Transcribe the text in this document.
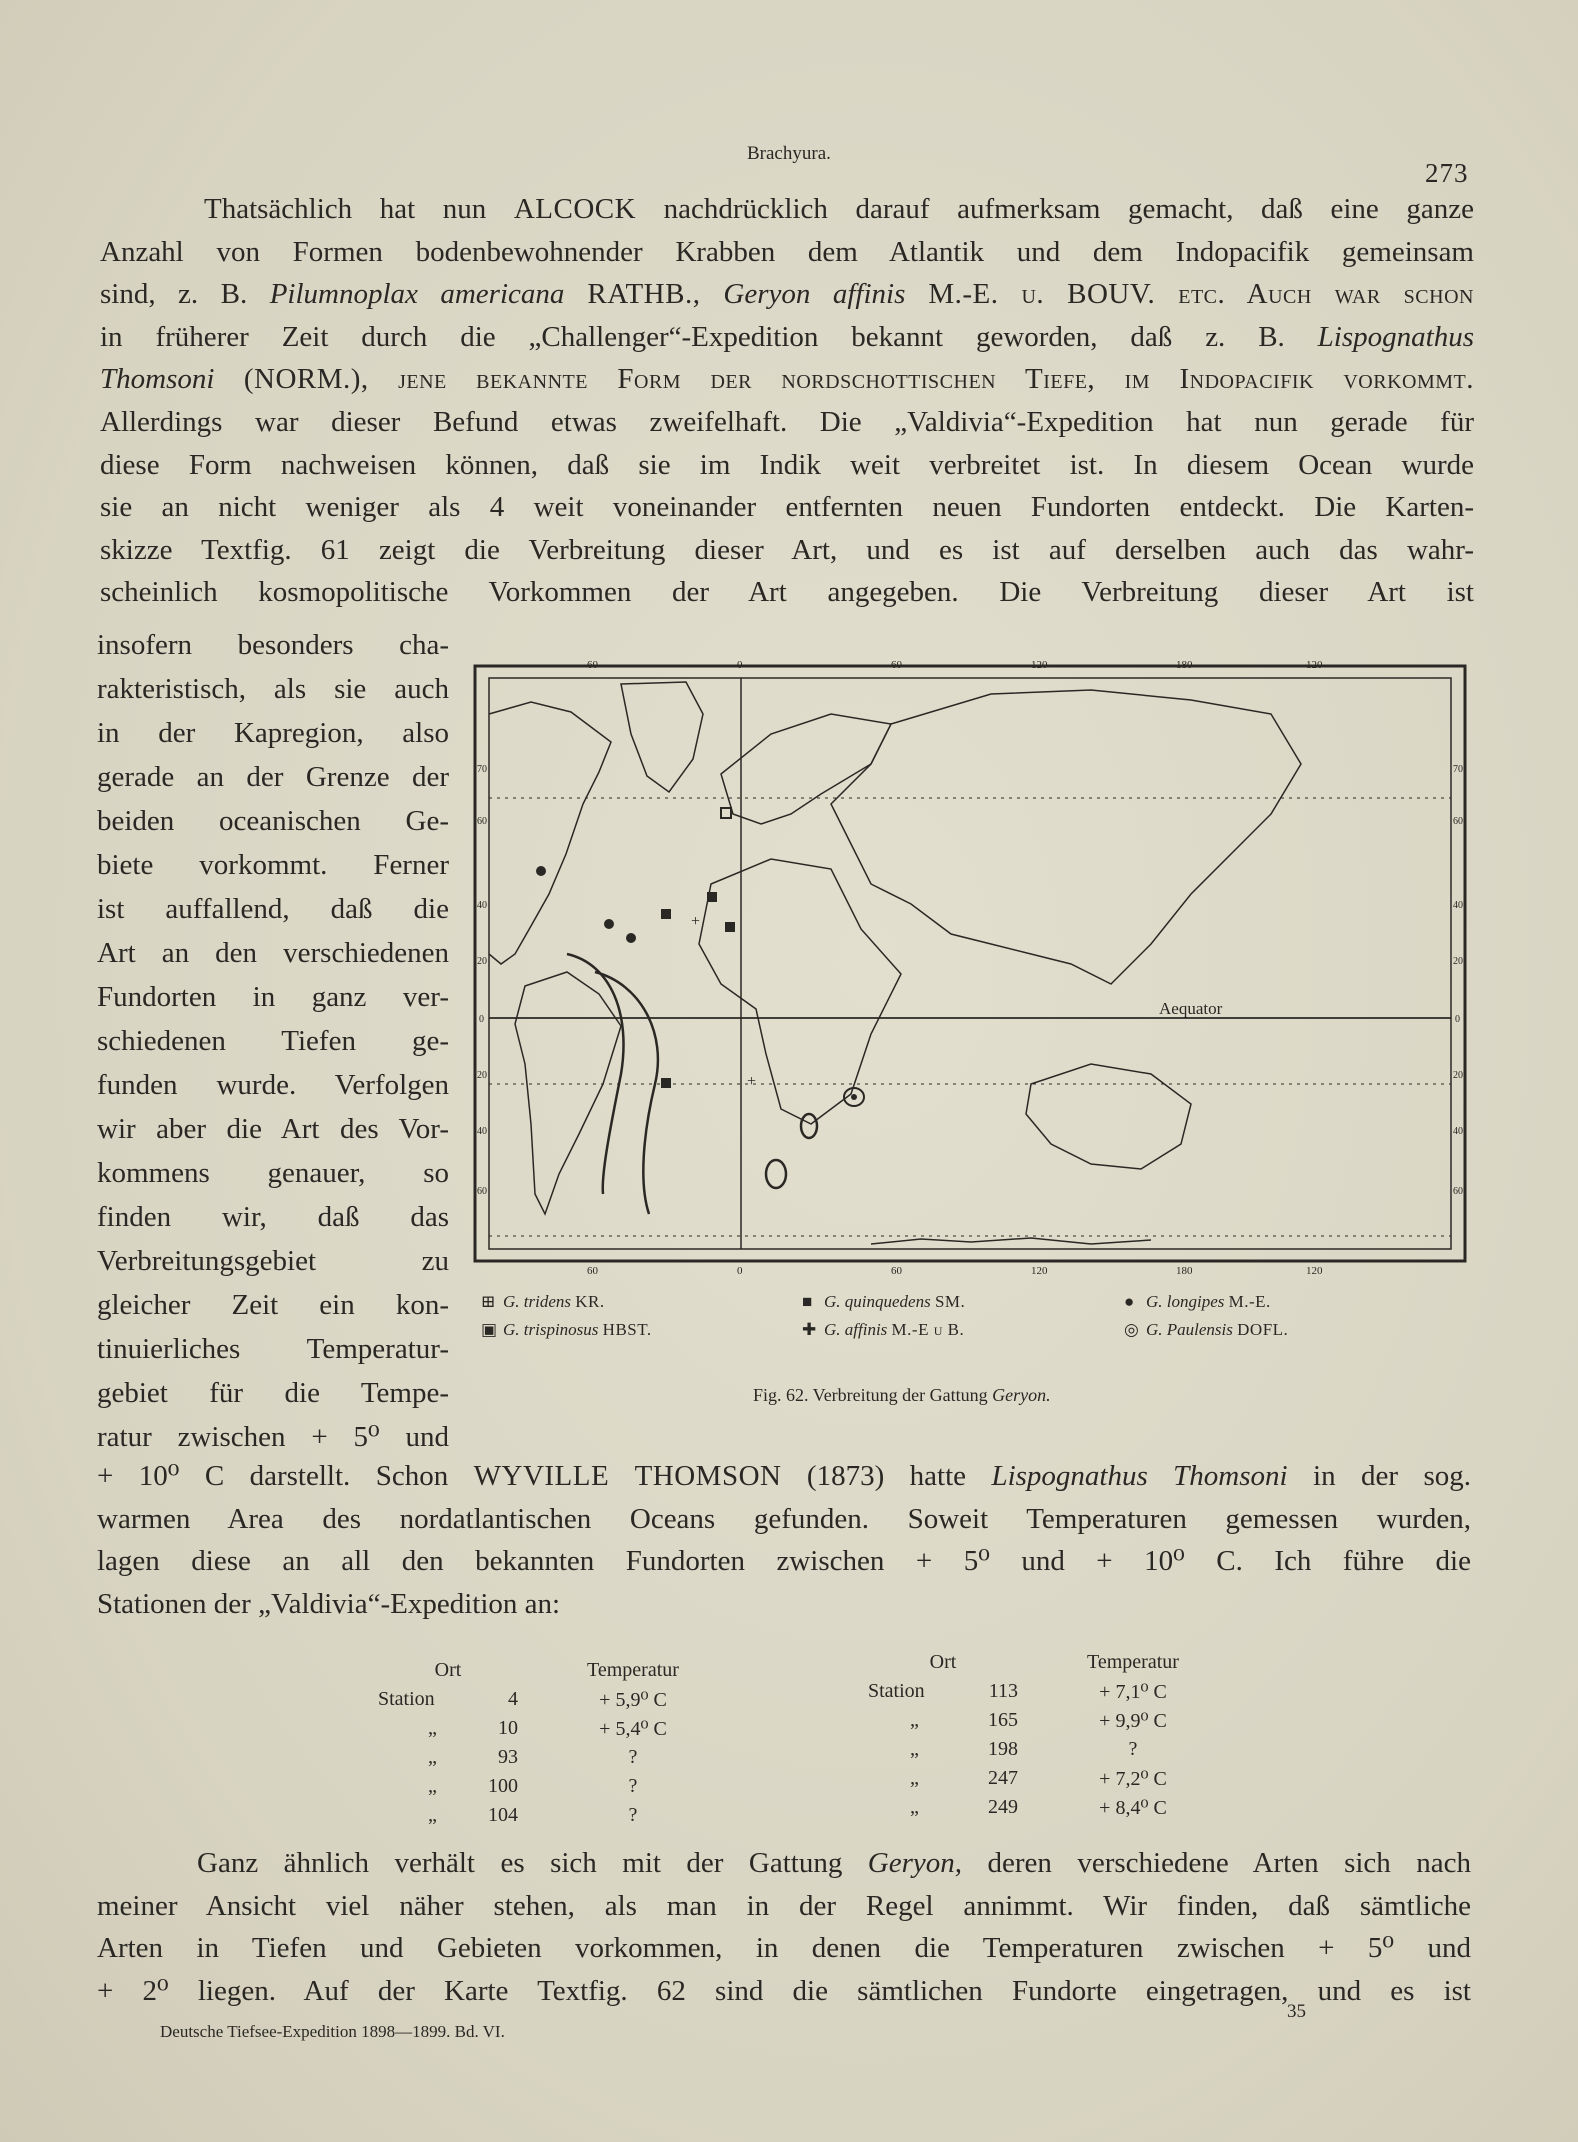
Brachyura.
273
Thatsächlich hat nun ALCOCK nachdrücklich darauf aufmerksam gemacht, daß eine ganze
Anzahl von Formen bodenbewohnender Krabben dem Atlantik und dem Indopacifik gemeinsam
sind, z. B. Pilumnoplax americana RATHB., Geryon affinis M.-E. u. BOUV. etc. Auch war schon
in früherer Zeit durch die „Challenger“-Expedition bekannt geworden, daß z. B. Lispognathus
Thomsoni (NORM.), jene bekannte Form der nordschottischen Tiefe, im Indopacifik vorkommt.
Allerdings war dieser Befund etwas zweifelhaft. Die „Valdivia“-Expedition hat nun gerade für
diese Form nachweisen können, daß sie im Indik weit verbreitet ist. In diesem Ocean wurde
sie an nicht weniger als 4 weit voneinander entfernten neuen Fundorten entdeckt. Die Karten-
skizze Textfig. 61 zeigt die Verbreitung dieser Art, und es ist auf derselben auch das wahr-
scheinlich kosmopolitische Vorkommen der Art angegeben. Die Verbreitung dieser Art ist
insofern besonders cha-
rakteristisch, als sie auch
in der Kapregion, also
gerade an der Grenze der
beiden oceanischen Ge-
biete vorkommt. Ferner
ist auffallend, daß die
Art an den verschiedenen
Fundorten in ganz ver-
schiedenen Tiefen ge-
funden wurde. Verfolgen
wir aber die Art des Vor-
kommens genauer, so
finden wir, daß das
Verbreitungsgebiet zu
gleicher Zeit ein kon-
tinuierliches Temperatur-
gebiet für die Tempe-
ratur zwischen + 5⁰ und
+
+
Aequator
60	0	60	120	180	120
60	0	60	120	180	120
70
60
40
20
0
20
40
60
70
60
40
20
0
20
40
60
⊞ G. tridens KR.
▣ G. trispinosus HBST.
■ G. quinquedens SM.
✚ G. affinis M.-E u B.
● G. longipes M.-E.
◎ G. Paulensis DOFL.
Fig. 62. Verbreitung der Gattung Geryon.
+ 10⁰ C darstellt. Schon WYVILLE THOMSON (1873) hatte Lispognathus Thomsoni in der sog.
warmen Area des nordatlantischen Oceans gefunden. Soweit Temperaturen gemessen wurden,
lagen diese an all den bekannten Fundorten zwischen + 5⁰ und + 10⁰ C. Ich führe die
Stationen der „Valdivia“-Expedition an:
Ort		Temperatur
Station	4	+ 5,9⁰ C
„	10	+ 5,4⁰ C
„	93	?
„	100	?
„	104	?
Ort		Temperatur
Station	113	+ 7,1⁰ C
„	165	+ 9,9⁰ C
„	198	?
„	247	+ 7,2⁰ C
„	249	+ 8,4⁰ C
Ganz ähnlich verhält es sich mit der Gattung Geryon, deren verschiedene Arten sich nach
meiner Ansicht viel näher stehen, als man in der Regel annimmt. Wir finden, daß sämtliche
Arten in Tiefen und Gebieten vorkommen, in denen die Temperaturen zwischen + 5⁰ und
+ 2⁰ liegen. Auf der Karte Textfig. 62 sind die sämtlichen Fundorte eingetragen, und es ist
Deutsche Tiefsee-Expedition 1898—1899. Bd. VI.
35
